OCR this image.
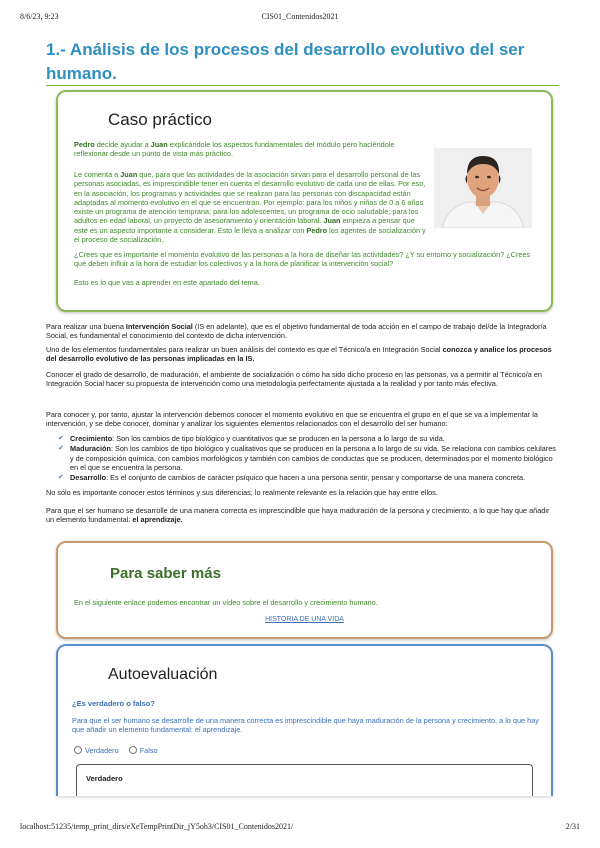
8/6/23, 9:23	CIS01_Contenidos2021
1.- Análisis de los procesos del desarrollo evolutivo del ser humano.
Caso práctico

Pedro decide ayudar a Juan explicándole los aspectos fundamentales del módulo pero haciéndole reflexionar desde un punto de vista más práctico.

Le comenta a Juan que, para que las actividades de la asociación sirvan para el desarrollo personal de las personas asociadas, es imprescindible tener en cuenta el desarrollo evolutivo de cada uno de ellas. Por eso, en la asociación, los programas y actividades que se realizan para las personas con discapacidad están adaptadas al momento evolutivo en el que se encuentran. Por ejemplo: para los niños y niñas de 0 a 6 años existe un programa de atención temprana; para los adolescentes, un programa de ocio saludable; para los adultos en edad laboral, un proyecto de asesoramiento y orientación laboral. Juan empieza a pensar que este es un aspecto importante a considerar. Esto le lleva a analizar con Pedro los agentes de socialización y el proceso de socialización.

¿Crees que es importante el momento evolutivo de las personas a la hora de diseñar las actividades? ¿Y su entorno y socialización? ¿Crees qué deben influir a la hora de estudiar los colectivos y a la hora de planificar la intervención social?

Esto es lo que vas a aprender en este apartado del tema.

Para realizar una buena Intervención Social (IS en adelante), que es el objetivo fundamental de toda acción en el campo de trabajo del/de la Integrador/a Social, es fundamental el conocimiento del contexto de dicha intervención.

Uno de los elementos fundamentales para realizar un buen análisis del contexto es que el Técnico/a en Integración Social conozca y analice los procesos del desarrollo evolutivo de las personas implicadas en la IS.

Conocer el grado de desarrollo, de maduración, el ambiente de socialización o cómo ha sido dicho proceso en las personas, va a permitir al Técnico/a en Integración Social hacer su propuesta de intervención como una metodología perfectamente ajustada a la realidad y por tanto más efectiva.

Para conocer y, por tanto, ajustar la intervención debemos conocer el momento evolutivo en que se encuentra el grupo en el que se va a implementar la intervención, y se debe conocer, dominar y analizar los siguientes elementos relacionados con el desarrollo del ser humano:

✔ Crecimiento: Son los cambios de tipo biológico y cuantitativos que se producen en la persona a lo largo de su vida.
✔ Maduración: Son los cambios de tipo biológico y cualitativos que se producen en la persona a lo largo de su vida. Se relaciona con cambios celulares y de composición química, con cambios morfológicos y también con cambios de conductas que se producen, determinados por el momento biológico en el que se encuentra la persona.
✔ Desarrollo: Es el conjunto de cambios de carácter psíquico que hacen a una persona sentir, pensar y comportarse de una manera concreta.

No sólo es importante conocer estos términos y sus diferencias; lo realmente relevante es la relación que hay entre ellos.

Para que el ser humano se desarrolle de una manera correcta es imprescindible que haya maduración de la persona y crecimiento, a lo que hay que añadir un elemento fundamental: el aprendizaje.

Para saber más

En el siguiente enlace podemos encontrar un vídeo sobre el desarrollo y crecimiento humano.

HISTORIA DE UNA VIDA
Autoevaluación

¿Es verdadero o falso?

Para que el ser humano se desarrolle de una manera correcta es imprescindible que haya maduración de la persona y crecimiento, a lo que hay que añadir un elemento fundamental: el aprendizaje.

Verdadero	Falso
Verdadero
localhost:51235/temp_print_dirs/eXeTempPrintDir_jY5oh3/CIS01_Contenidos2021/	2/31
